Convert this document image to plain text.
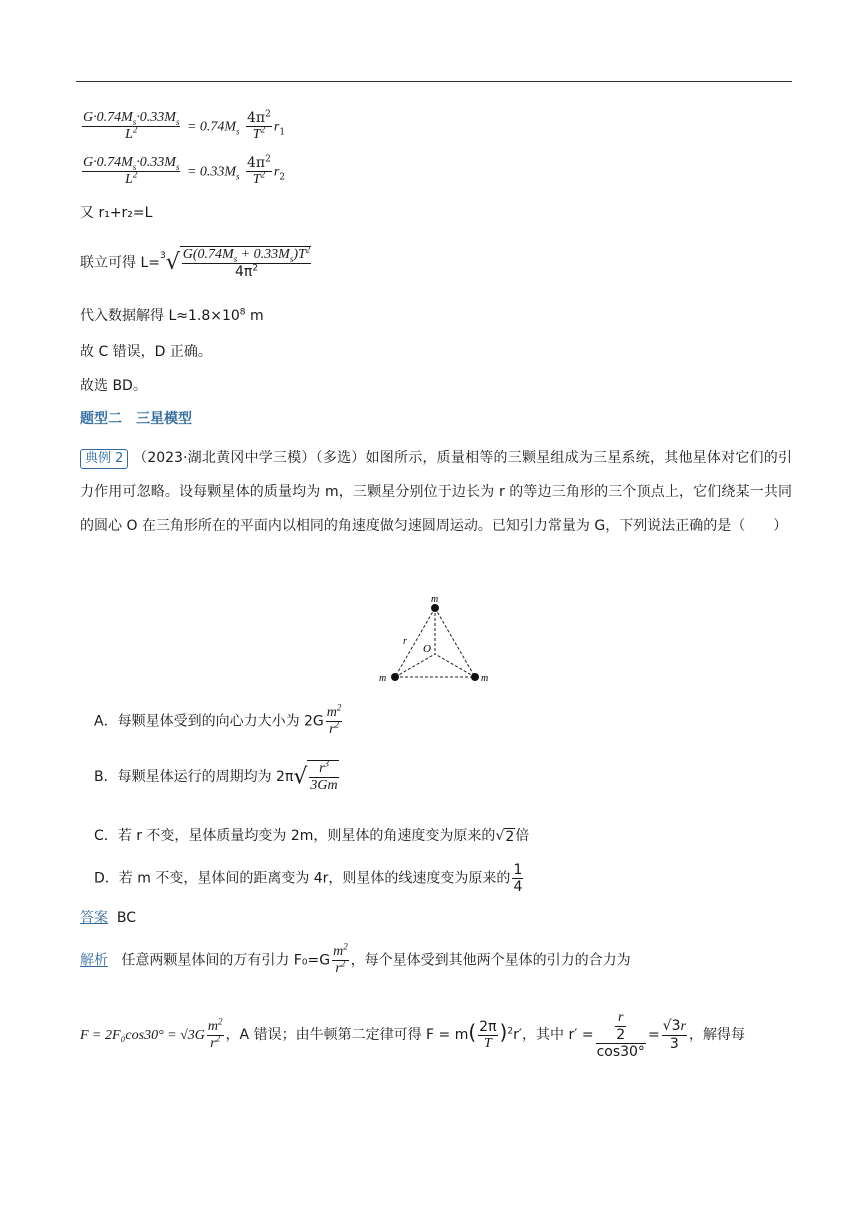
$\frac{G\cdot 0.74M_s\cdot 0.33M_s}{L^2} = 0.74M_s \frac{4\pi^2}{T^2} r_1$
$\frac{G\cdot 0.74M_s\cdot 0.33M_s}{L^2} = 0.33M_s \frac{4\pi^2}{T^2} r_2$
又 r₁+r₂=L
联立可得 $L=^3√ \frac{G(0.74M_s + 0.33M_s)T^2}{4\pi^2}$
代入数据解得 $L\approx 1.8\times 10^8$ m
故 C 错误，D 正确。
故选 BD。
题型二　三星模型
典例 2 （2023·湖北黄冈中学三模）（多选）如图所示，质量相等的三颗星组成为三星系统，其他星体对它们的引力作用可忽略。设每颗星体的质量均为 m，三颗星分别位于边长为 r 的等边三角形的三个顶点上，它们绕某一共同的圆心 O 在三角形所在的平面内以相同的角速度做匀速圆周运动。已知引力常量为 G，下列说法正确的是（　　）
m
m	m
O
r
A．每颗星体受到的向心力大小为 $2G \frac{m^2}{r^2}$
B．每颗星体运行的周期均为 $2\pi√ \frac{r^3}{3Gm}$
C．若 r 不变，星体质量均变为 2m，则星体的角速度变为原来的√2倍
D．若 m 不变，星体间的距离变为 4r，则星体的线速度变为原来的 $\frac{1}{4}$
答案 BC
解析 任意两颗星体间的万有引力 $F_0=G \frac{m^2}{r^2}$ ，每个星体受到其他两个星体的引力的合力为
$F = 2F_0\cos 30^\circ = √3G \frac{m^2}{r^2}$ ，A 错误；由牛顿第二定律可得 $F = m( \frac{2\pi}{T} )^2r'$，其中 $r' = \frac{\frac{r}{2}}{\cos 30^\circ} = \frac{√3r}{3}$ ，解得每
